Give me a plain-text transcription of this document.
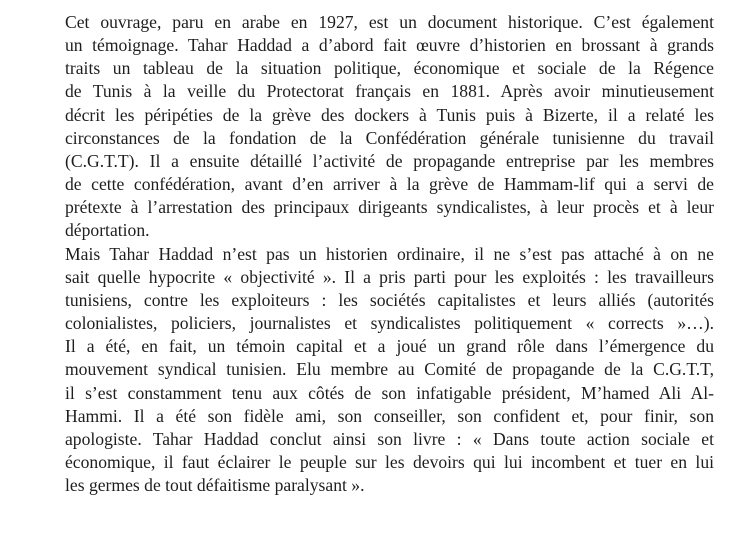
Cet ouvrage, paru en arabe en 1927, est un document historique. C’est également
un témoignage. Tahar Haddad a d’abord fait œuvre d’historien en brossant à grands
traits un tableau de la situation politique, économique et sociale de la Régence
de Tunis à la veille du Protectorat français en 1881. Après avoir minutieusement
décrit les péripéties de la grève des dockers à Tunis puis à Bizerte, il a relaté les
circonstances de la fondation de la Confédération générale tunisienne du travail
(C.G.T.T). Il a ensuite détaillé l’activité de propagande entreprise par les membres
de cette confédération, avant d’en arriver à la grève de Hammam-lif qui a servi de
prétexte à l’arrestation des principaux dirigeants syndicalistes, à leur procès et à leur
déportation.
Mais Tahar Haddad n’est pas un historien ordinaire, il ne s’est pas attaché à on ne
sait quelle hypocrite « objectivité ». Il a pris parti pour les exploités : les travailleurs
tunisiens, contre les exploiteurs : les sociétés capitalistes et leurs alliés (autorités
colonialistes, policiers, journalistes et syndicalistes politiquement « corrects »…).
Il a été, en fait, un témoin capital et a joué un grand rôle dans l’émergence du
mouvement syndical tunisien. Elu membre au Comité de propagande de la C.G.T.T,
il s’est constamment tenu aux côtés de son infatigable président, M’hamed Ali Al-
Hammi. Il a été son fidèle ami, son conseiller, son confident et, pour finir, son
apologiste. Tahar Haddad conclut ainsi son livre : « Dans toute action sociale et
économique, il faut éclairer le peuple sur les devoirs qui lui incombent et tuer en lui
les germes de tout défaitisme paralysant ».
